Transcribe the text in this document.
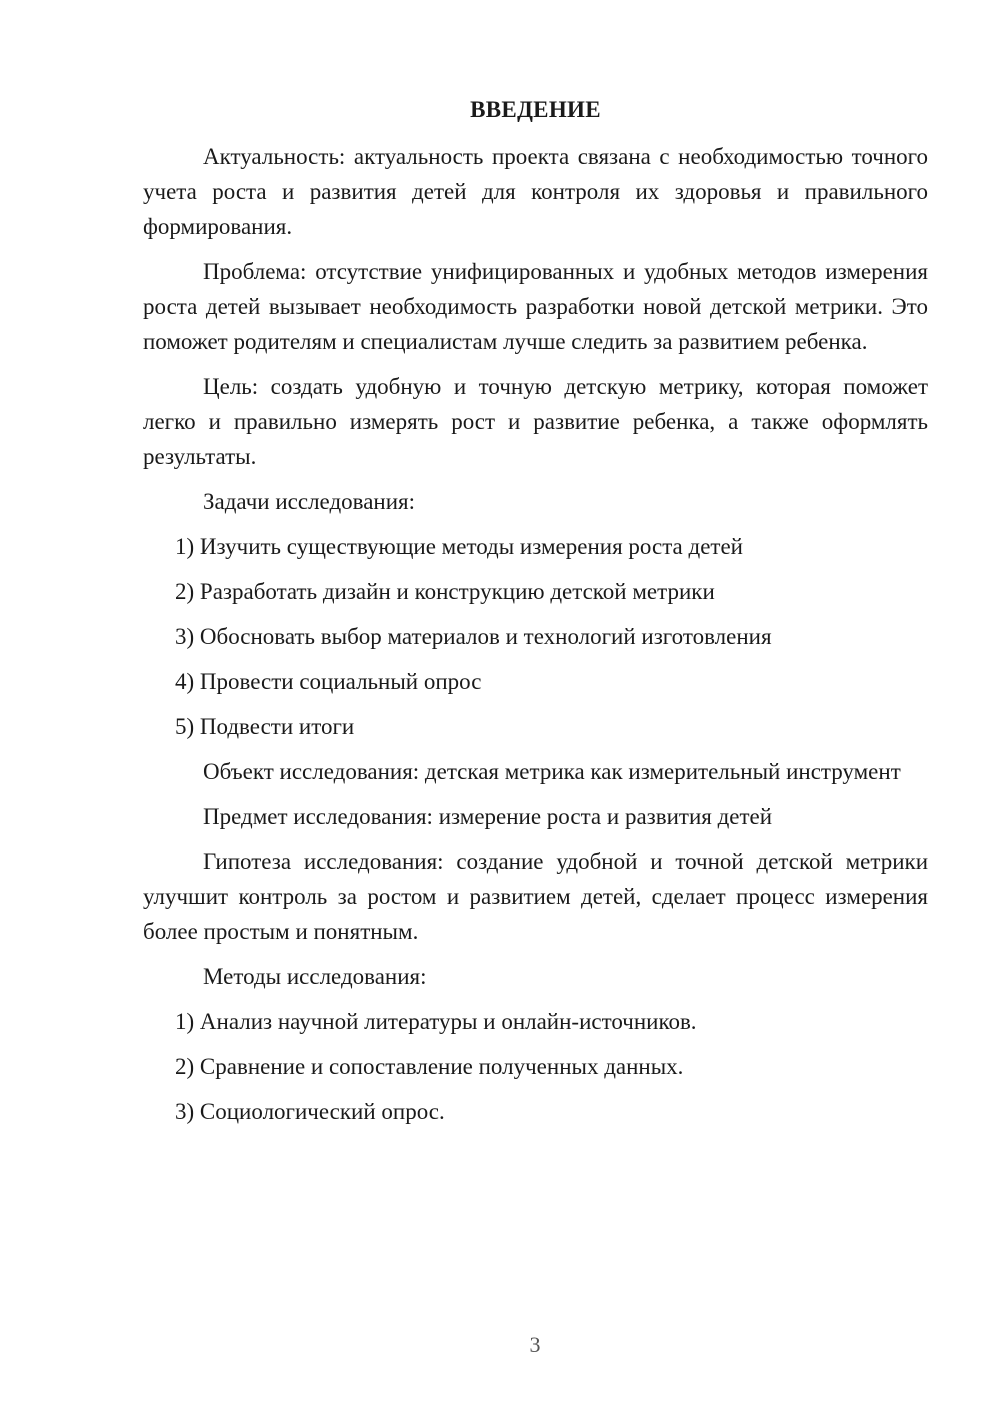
ВВЕДЕНИЕ
Актуальность: актуальность проекта связана с необходимостью точного учета роста и развития детей для контроля их здоровья и правильного формирования.
Проблема: отсутствие унифицированных и удобных методов измерения роста детей вызывает необходимость разработки новой детской метрики. Это поможет родителям и специалистам лучше следить за развитием ребенка.
Цель: создать удобную и точную детскую метрику, которая поможет легко и правильно измерять рост и развитие ребенка, а также оформлять результаты.
Задачи исследования:
1) Изучить существующие методы измерения роста детей
2) Разработать дизайн и конструкцию детской метрики
3) Обосновать выбор материалов и технологий изготовления
4) Провести социальный опрос
5) Подвести итоги
Объект исследования: детская метрика как измерительный инструмент
Предмет исследования: измерение роста и развития детей
Гипотеза исследования: создание удобной и точной детской метрики улучшит контроль за ростом и развитием детей, сделает процесс измерения более простым и понятным.
Методы исследования:
1) Анализ научной литературы и онлайн-источников.
2) Сравнение и сопоставление полученных данных.
3) Социологический опрос.
3
